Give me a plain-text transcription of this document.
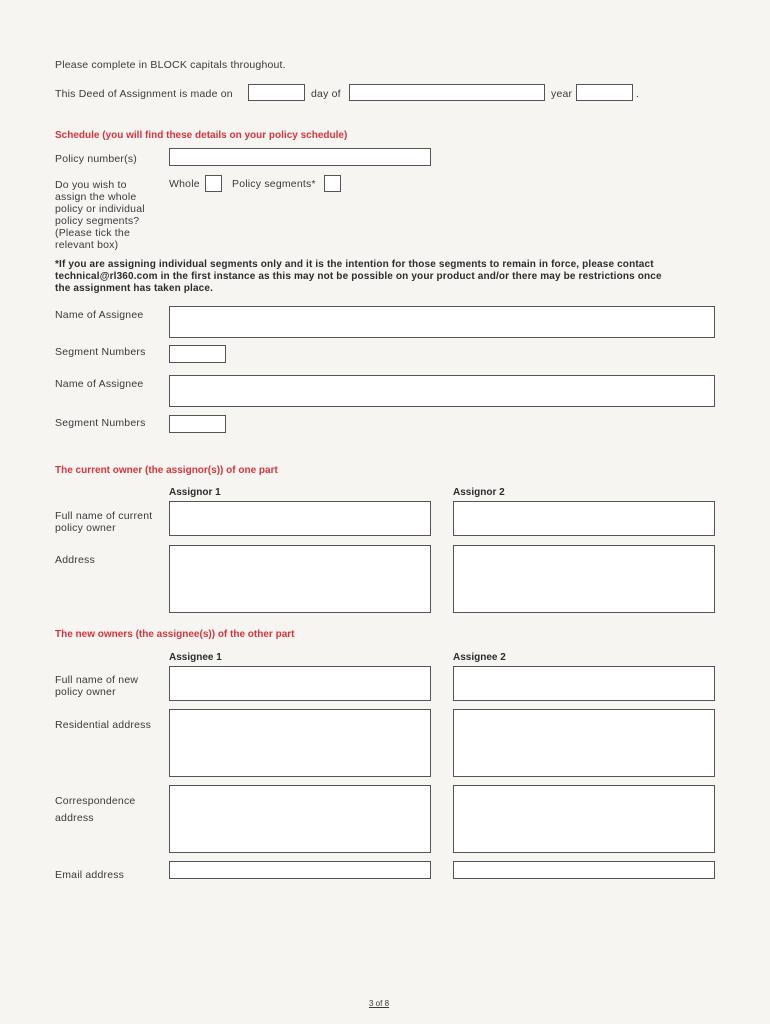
Please complete in BLOCK capitals throughout.
This Deed of Assignment is made on	day of	year	.
Schedule (you will find these details on your policy schedule)
Policy number(s)
Do you wish to assign the whole policy or individual policy segments? (Please tick the relevant box)
Whole	Policy segments*
*If you are assigning individual segments only and it is the intention for those segments to remain in force, please contact
technical@rl360.com in the first instance as this may not be possible on your product and/or there may be restrictions once
the assignment has taken place.
Name of Assignee
Segment Numbers
Name of Assignee
Segment Numbers
The current owner (the assignor(s)) of one part
Assignor 1	Assignor 2
Full name of current policy owner
Address
The new owners (the assignee(s)) of the other part
Assignee 1	Assignee 2
Full name of new policy owner
Residential address
Correspondence
address
Email address
3 of 8
